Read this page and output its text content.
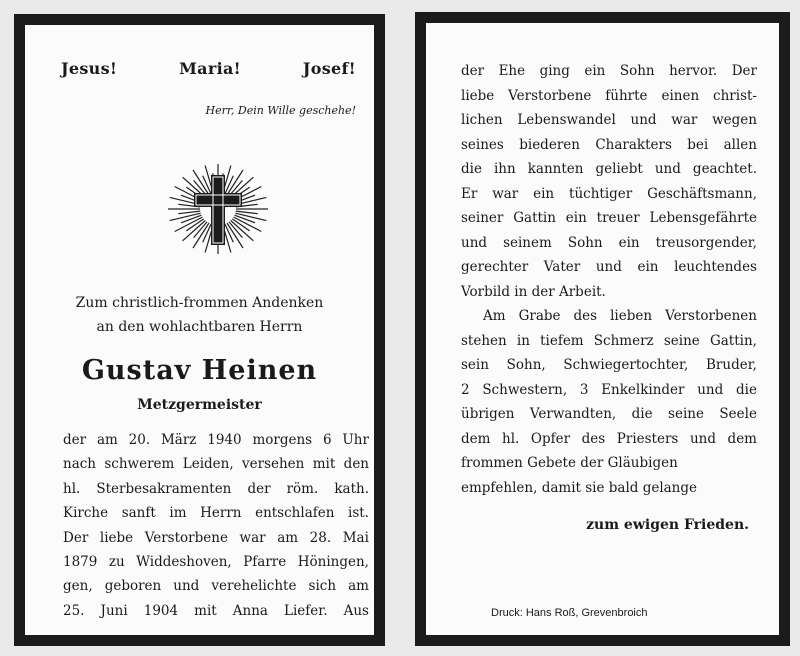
Jesus!	Maria!	Josef!
Herr, Dein Wille geschehe!
Zum christlich-frommen Andenken
an den wohlachtbaren Herrn
Gustav Heinen
Metzgermeister
der am 20. März 1940 morgens 6 Uhr
nach schwerem Leiden, versehen mit den
hl. Sterbesakramenten der röm. kath.
Kirche sanft im Herrn entschlafen ist.
Der liebe Verstorbene war am 28. Mai
1879 zu Widdeshoven, Pfarre Höningen,
gen, geboren und verehelichte sich am
25. Juni 1904 mit Anna Liefer. Aus
der Ehe ging ein Sohn hervor. Der
liebe Verstorbene führte einen christ-
lichen Lebenswandel und war wegen
seines biederen Charakters bei allen
die ihn kannten geliebt und geachtet.
Er war ein tüchtiger Geschäftsmann,
seiner Gattin ein treuer Lebensgefährte
und seinem Sohn ein treusorgender,
gerechter Vater und ein leuchtendes
Vorbild in der Arbeit.
Am Grabe des lieben Verstorbenen
stehen in tiefem Schmerz seine Gattin,
sein Sohn, Schwiegertochter, Bruder,
2 Schwestern, 3 Enkelkinder und die
übrigen Verwandten, die seine Seele
dem hl. Opfer des Priesters und dem
frommen Gebete der Gläubigen
empfehlen, damit sie bald gelange
zum ewigen Frieden.
Druck: Hans Roß, Grevenbroich
